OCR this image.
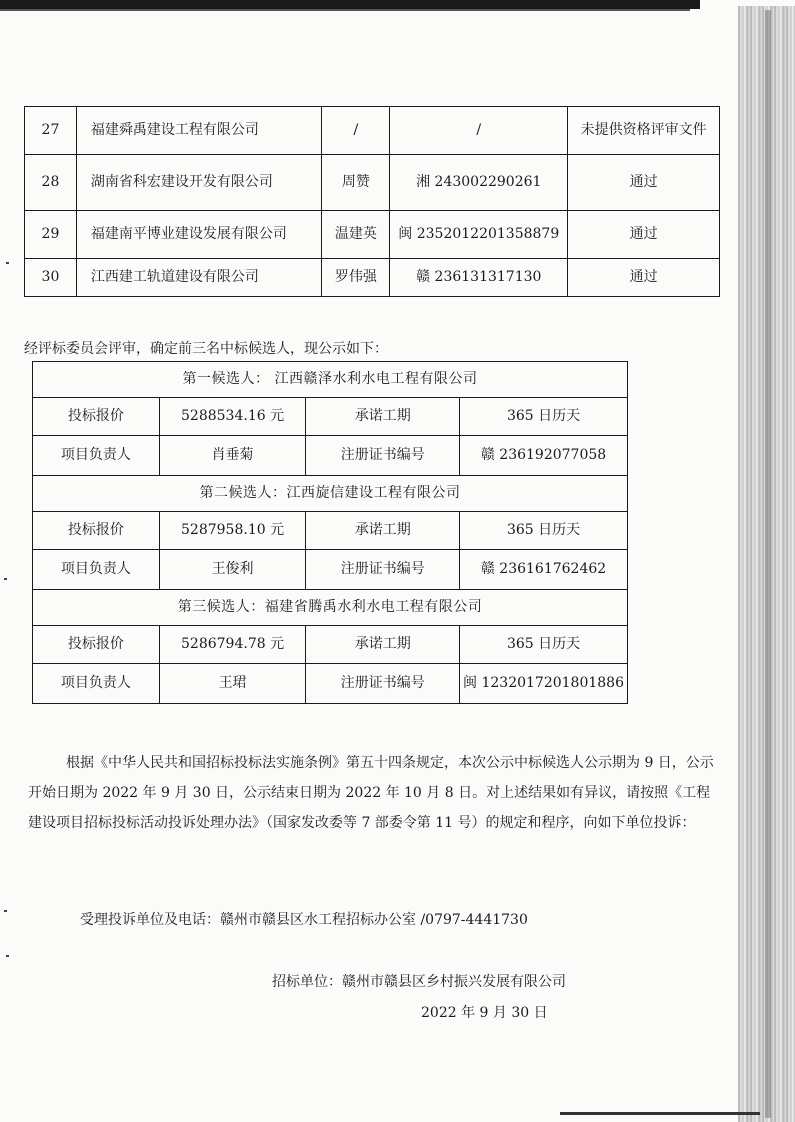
27	福建舜禹建设工程有限公司	/	/	未提供资格评审文件
28	湖南省科宏建设开发有限公司	周赞	湘 243002290261	通过
29	福建南平博业建设发展有限公司	温建英	闽 2352012201358879	通过
30	江西建工轨道建设有限公司	罗伟强	赣 236131317130	通过
经评标委员会评审，确定前三名中标候选人，现公示如下：
第一候选人： 江西赣泽水利水电工程有限公司			
投标报价	5288534.16 元	承诺工期	365 日历天
项目负责人	肖垂菊	注册证书编号	赣 236192077058
第二候选人：江西旋信建设工程有限公司			
投标报价	5287958.10 元	承诺工期	365 日历天
项目负责人	王俊利	注册证书编号	赣 236161762462
第三候选人：福建省腾禹水利水电工程有限公司			
投标报价	5286794.78 元	承诺工期	365 日历天
项目负责人	王珺	注册证书编号	闽 1232017201801886
根据《中华人民共和国招标投标法实施条例》第五十四条规定，本次公示中标候选人公示期为 9 日，公示开始日期为 2022 年 9 月 30 日，公示结束日期为 2022 年 10 月 8 日。对上述结果如有异议，请按照《工程建设项目招标投标活动投诉处理办法》（国家发改委等 7 部委令第 11 号）的规定和程序，向如下单位投诉：
受理投诉单位及电话：赣州市赣县区水工程招标办公室 /0797-4441730
招标单位：赣州市赣县区乡村振兴发展有限公司
2022 年 9 月 30 日
